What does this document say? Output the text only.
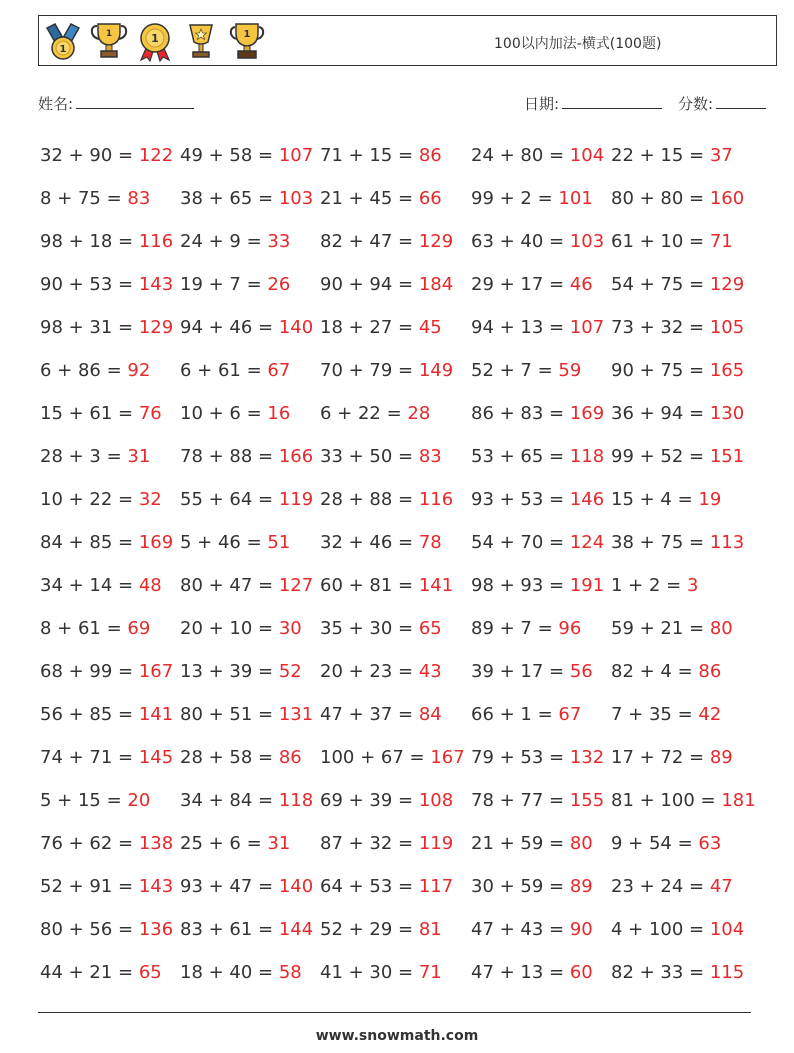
1
1	1	1
100以内加法-横式(100题)
姓名:	日期:	分数:
32 + 90 = 122 49 + 58 = 107 71 + 15 = 86	24 + 80 = 104 22 + 15 = 37
8 + 75 = 83	38 + 65 = 103 21 + 45 = 66	99 + 2 = 101	80 + 80 = 160
98 + 18 = 116 24 + 9 = 33	82 + 47 = 129 63 + 40 = 103 61 + 10 = 71
90 + 53 = 143 19 + 7 = 26	90 + 94 = 184 29 + 17 = 46	54 + 75 = 129
98 + 31 = 129 94 + 46 = 140 18 + 27 = 45	94 + 13 = 107 73 + 32 = 105
6 + 86 = 92	6 + 61 = 67	70 + 79 = 149 52 + 7 = 59	90 + 75 = 165
15 + 61 = 76	10 + 6 = 16	6 + 22 = 28	86 + 83 = 169 36 + 94 = 130
28 + 3 = 31	78 + 88 = 166 33 + 50 = 83	53 + 65 = 118 99 + 52 = 151
10 + 22 = 32	55 + 64 = 119 28 + 88 = 116 93 + 53 = 146 15 + 4 = 19
84 + 85 = 169 5 + 46 = 51	32 + 46 = 78	54 + 70 = 124 38 + 75 = 113
34 + 14 = 48	80 + 47 = 127 60 + 81 = 141 98 + 93 = 191 1 + 2 = 3
8 + 61 = 69	20 + 10 = 30	35 + 30 = 65	89 + 7 = 96	59 + 21 = 80
68 + 99 = 167 13 + 39 = 52	20 + 23 = 43	39 + 17 = 56	82 + 4 = 86
56 + 85 = 141 80 + 51 = 131 47 + 37 = 84	66 + 1 = 67	7 + 35 = 42
74 + 71 = 145 28 + 58 = 86	100 + 67 = 167 79 + 53 = 132 17 + 72 = 89
5 + 15 = 20	34 + 84 = 118 69 + 39 = 108 78 + 77 = 155 81 + 100 = 181
76 + 62 = 138 25 + 6 = 31	87 + 32 = 119 21 + 59 = 80	9 + 54 = 63
52 + 91 = 143 93 + 47 = 140 64 + 53 = 117 30 + 59 = 89	23 + 24 = 47
80 + 56 = 136 83 + 61 = 144 52 + 29 = 81	47 + 43 = 90	4 + 100 = 104
44 + 21 = 65	18 + 40 = 58	41 + 30 = 71	47 + 13 = 60	82 + 33 = 115
www.snowmath.com
